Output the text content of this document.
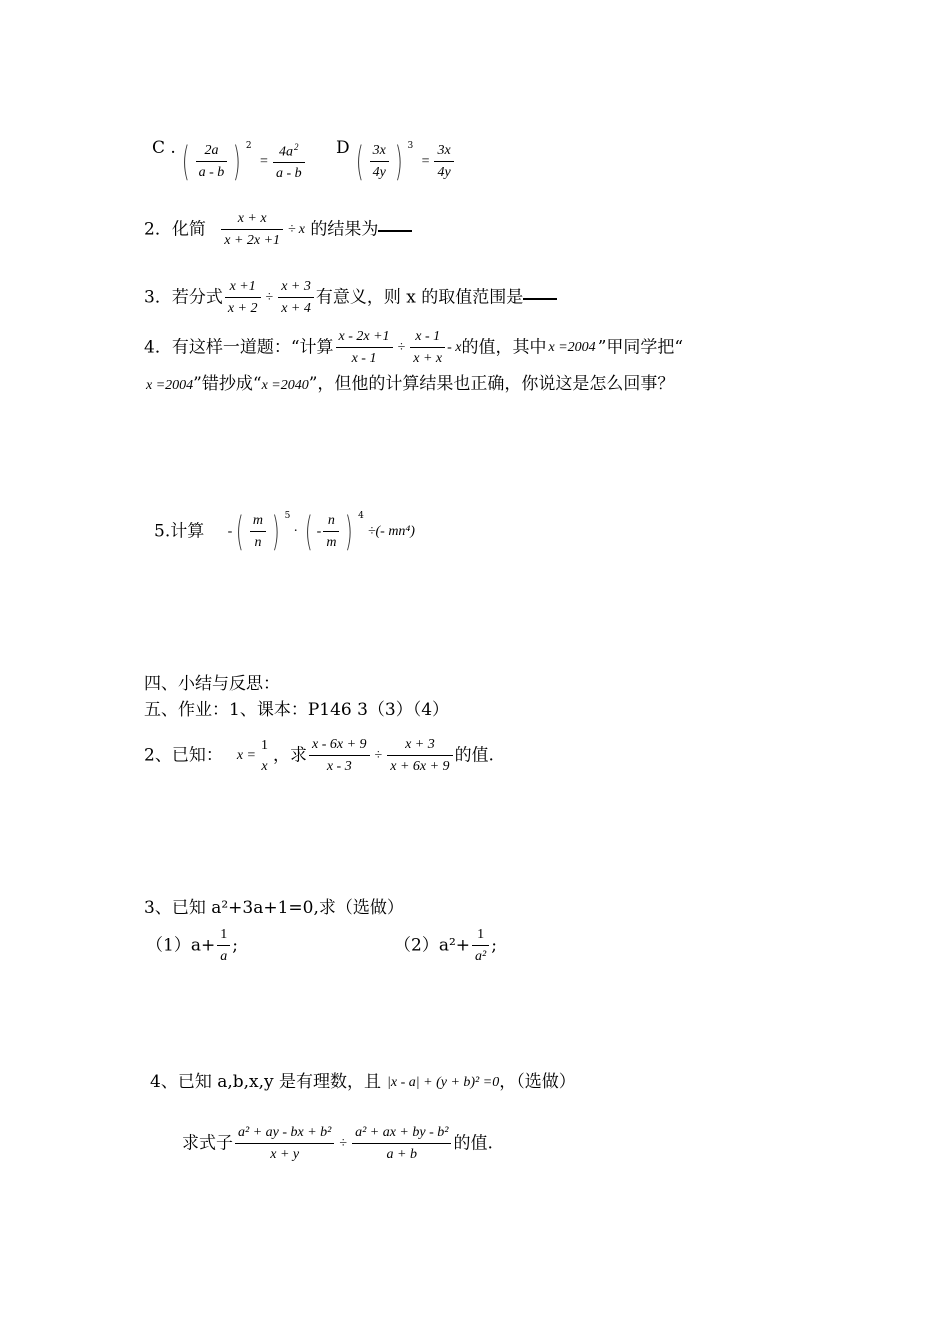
C . ( $\frac{2a}{a - b}$ ) $^2 = \frac{4a^2}{a - b}$ D ( $\frac{3x}{4y}$ ) $^3 = \frac{3x}{4y}$
2．化简 $\frac{x + x}{x + 2x +1} \div x$ 的结果为
3．若分式 $\frac{x +1}{x + 2} \div \frac{x + 3}{x + 4}$ 有意义，则 x 的取值范围是
4．有这样一道题：“计算 $\frac{x - 2x +1}{x - 1} \div \frac{x - 1}{x + x} - x$的值，其中 x =2004 ”甲同学把“
x =2004”错抄成“x =2040”，但他的计算结果也正确，你说这是怎么回事？
5.计算 -( $\frac{m}{n}$ ) $^5$· ( - $\frac{n}{m}$ ) $^4$÷(- mn⁴)
四、小结与反思：
五、作业：1、课本：P146 3（3）（4）
2、已知： x =
1
x
，求 $\frac{x - 6x + 9}{x - 3} \div \frac{x + 3}{x + 6x + 9}$ 的值.
3、已知 a²+3a+1=0,求（选做）
$(1)a+ \frac{1}{a}$ ;	$(2)a^2+ \frac{1}{\text{a²}}$ ;
4、已知 a,b,x,y 是有理数，且 |x - a| + (y + b)² =0，（选做）
求式子 $\frac{\text{a² + ay - bx + b²}}{x + y} \div \frac{\text{a² + ax + by - b²}}{a + b}$ 的值.
